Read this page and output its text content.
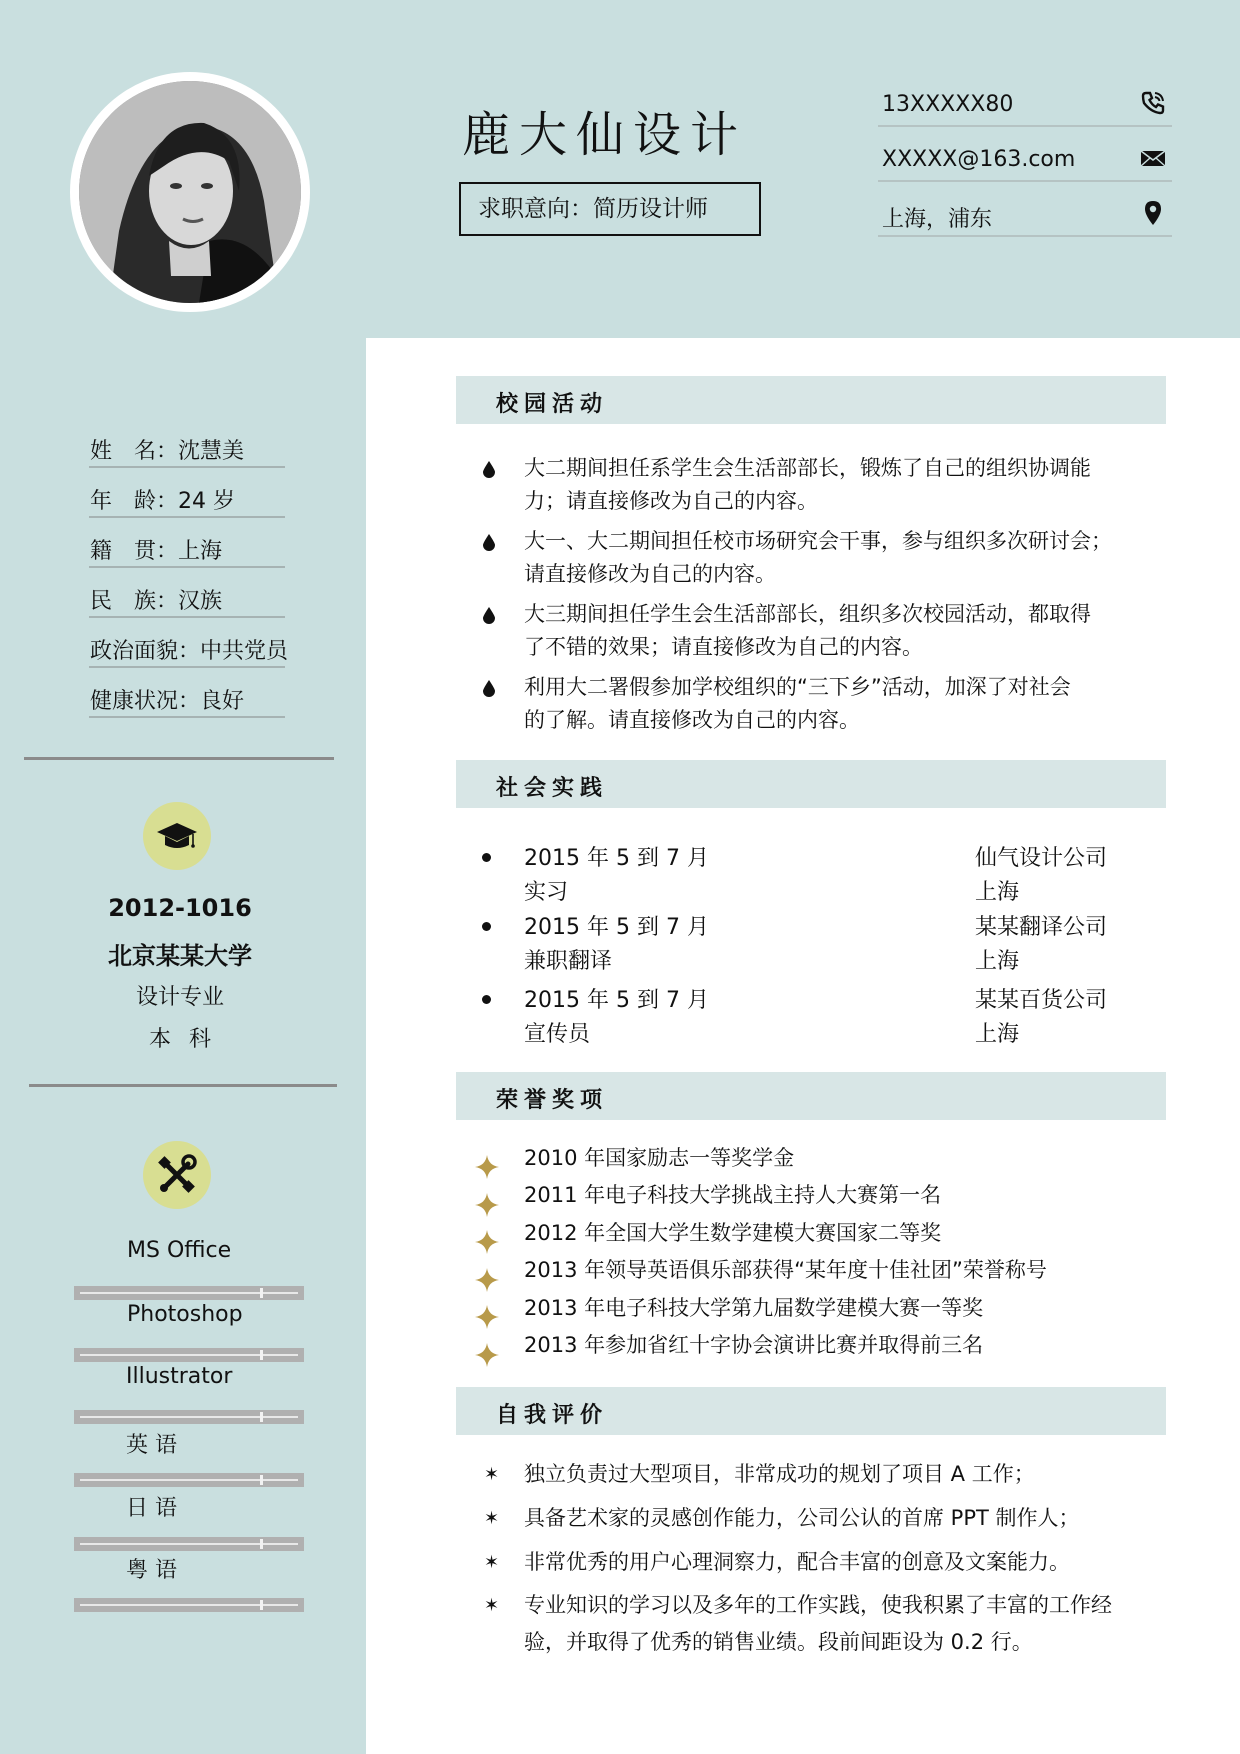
鹿大仙设计
求职意向：简历设计师
13XXXXX80
XXXXX@163.com
上海，浦东
姓　名：沈慧美
年　龄：24 岁
籍　贯：上海
民　族：汉族
政治面貌：中共党员
健康状况：良好
2012-1016
北京某某大学
设计专业
本科
MS Office
Photoshop
Illustrator
英 语
日 语
粤 语
校园活动
大二期间担任系学生会生活部部长，锻炼了自己的组织协调能
力；请直接修改为自己的内容。
大一、大二期间担任校市场研究会干事，参与组织多次研讨会；
请直接修改为自己的内容。
大三期间担任学生会生活部部长，组织多次校园活动，都取得
了不错的效果；请直接修改为自己的内容。
利用大二署假参加学校组织的“三下乡”活动，加深了对社会
的了解。请直接修改为自己的内容。
社会实践
2015 年 5 到 7 月
实习
仙气设计公司
上海
2015 年 5 到 7 月
兼职翻译
某某翻译公司
上海
2015 年 5 到 7 月
宣传员
某某百货公司
上海
荣誉奖项
2010 年国家励志一等奖学金
2011 年电子科技大学挑战主持人大赛第一名
2012 年全国大学生数学建模大赛国家二等奖
2013 年领导英语俱乐部获得“某年度十佳社团”荣誉称号
2013 年电子科技大学第九届数学建模大赛一等奖
2013 年参加省红十字协会演讲比赛并取得前三名
自我评价
✶ 独立负责过大型项目，非常成功的规划了项目 A 工作；
✶ 具备艺术家的灵感创作能力，公司公认的首席 PPT 制作人；
✶ 非常优秀的用户心理洞察力，配合丰富的创意及文案能力。
✶ 专业知识的学习以及多年的工作实践，使我积累了丰富的工作经
验，并取得了优秀的销售业绩。段前间距设为 0.2 行。
